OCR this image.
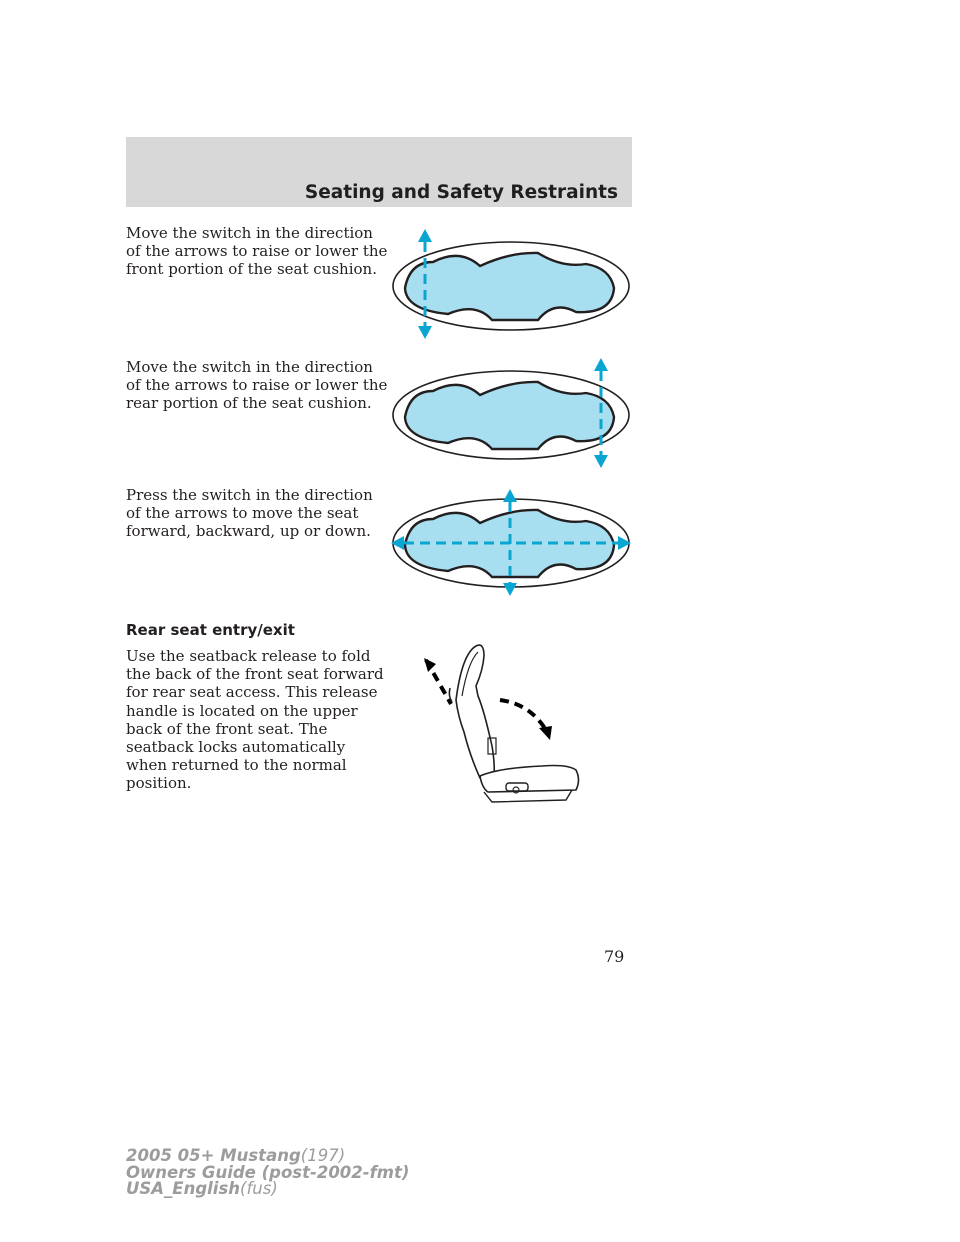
Seating and Safety Restraints

Move the switch in the direction of the arrows to raise or lower the front portion of the seat cushion.

Move the switch in the direction of the arrows to raise or lower the rear portion of the seat cushion.

Press the switch in the direction of the arrows to move the seat forward, backward, up or down.

Rear seat entry/exit

Use the seatback release to fold the back of the front seat forward for rear seat access. This release handle is located on the upper back of the front seat. The seatback locks automatically when returned to the normal position.

79
2005 05+ Mustang(197)
Owners Guide (post-2002-fmt)
USA_English(fus)
